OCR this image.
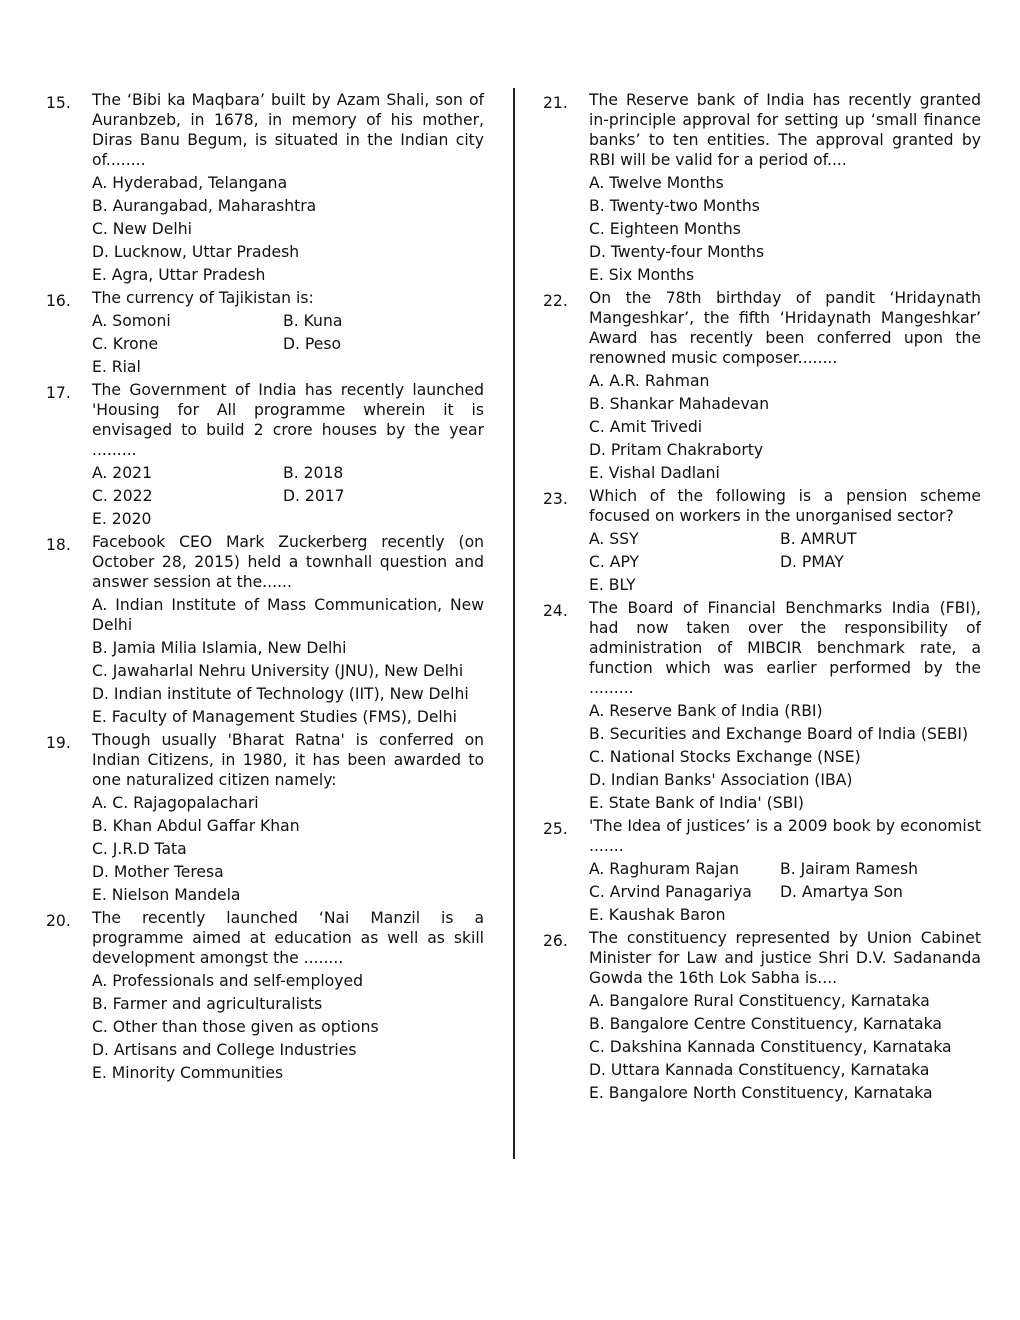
15. The ‘Bibi ka Maqbara’ built by Azam Shali, son of Auranbzeb, in 1678, in memory of his mother, Diras Banu Begum, is situated in the Indian city of........
A. Hyderabad, Telangana
B. Aurangabad, Maharashtra
C. New Delhi
D. Lucknow, Uttar Pradesh
E. Agra, Uttar Pradesh
16. The currency of Tajikistan is:
A. Somoni	B. Kuna
C. Krone	D. Peso
E. Rial
17. The Government of India has recently launched 'Housing for All programme wherein it is envisaged to build 2 crore houses by the year .........
A. 2021	B. 2018
C. 2022	D. 2017
E. 2020
18. Facebook CEO Mark Zuckerberg recently (on October 28, 2015) held a townhall question and answer session at the......
A. Indian Institute of Mass Communication, New Delhi
B. Jamia Milia Islamia, New Delhi
C. Jawaharlal Nehru University (JNU), New Delhi
D. Indian institute of Technology (IIT), New Delhi
E. Faculty of Management Studies (FMS), Delhi
19. Though usually 'Bharat Ratna' is conferred on Indian Citizens, in 1980, it has been awarded to one naturalized citizen namely:
A. C. Rajagopalachari
B. Khan Abdul Gaffar Khan
C. J.R.D Tata
D. Mother Teresa
E. Nielson Mandela
20. The recently launched ‘Nai Manzil is a programme aimed at education as well as skill development amongst the ........
A. Professionals and self-employed
B. Farmer and agriculturalists
C. Other than those given as options
D. Artisans and College Industries
E. Minority Communities
21. The Reserve bank of India has recently granted in-principle approval for setting up ‘small finance banks’ to ten entities. The approval granted by RBI will be valid for a period of....
A. Twelve Months
B. Twenty-two Months
C. Eighteen Months
D. Twenty-four Months
E. Six Months
22. On the 78th birthday of pandit ‘Hridaynath Mangeshkar’, the fifth ‘Hridaynath Mangeshkar’ Award has recently been conferred upon the renowned music composer........
A. A.R. Rahman
B. Shankar Mahadevan
C. Amit Trivedi
D. Pritam Chakraborty
E. Vishal Dadlani
23. Which of the following is a pension scheme focused on workers in the unorganised sector?
A. SSY	B. AMRUT
C. APY	D. PMAY
E. BLY
24. The Board of Financial Benchmarks India (FBI), had now taken over the responsibility of administration of MIBCIR benchmark rate, a function which was earlier performed by the .........
A. Reserve Bank of India (RBI)
B. Securities and Exchange Board of India (SEBI)
C. National Stocks Exchange (NSE)
D. Indian Banks' Association (IBA)
E. State Bank of India' (SBI)
25. 'The Idea of justices’ is a 2009 book by economist .......
A. Raghuram Rajan	B. Jairam Ramesh
C. Arvind Panagariya	D. Amartya Son
E. Kaushak Baron
26. The constituency represented by Union Cabinet Minister for Law and justice Shri D.V. Sadananda Gowda the 16th Lok Sabha is....
A. Bangalore Rural Constituency, Karnataka
B. Bangalore Centre Constituency, Karnataka
C. Dakshina Kannada Constituency, Karnataka
D. Uttara Kannada Constituency, Karnataka
E. Bangalore North Constituency, Karnataka
